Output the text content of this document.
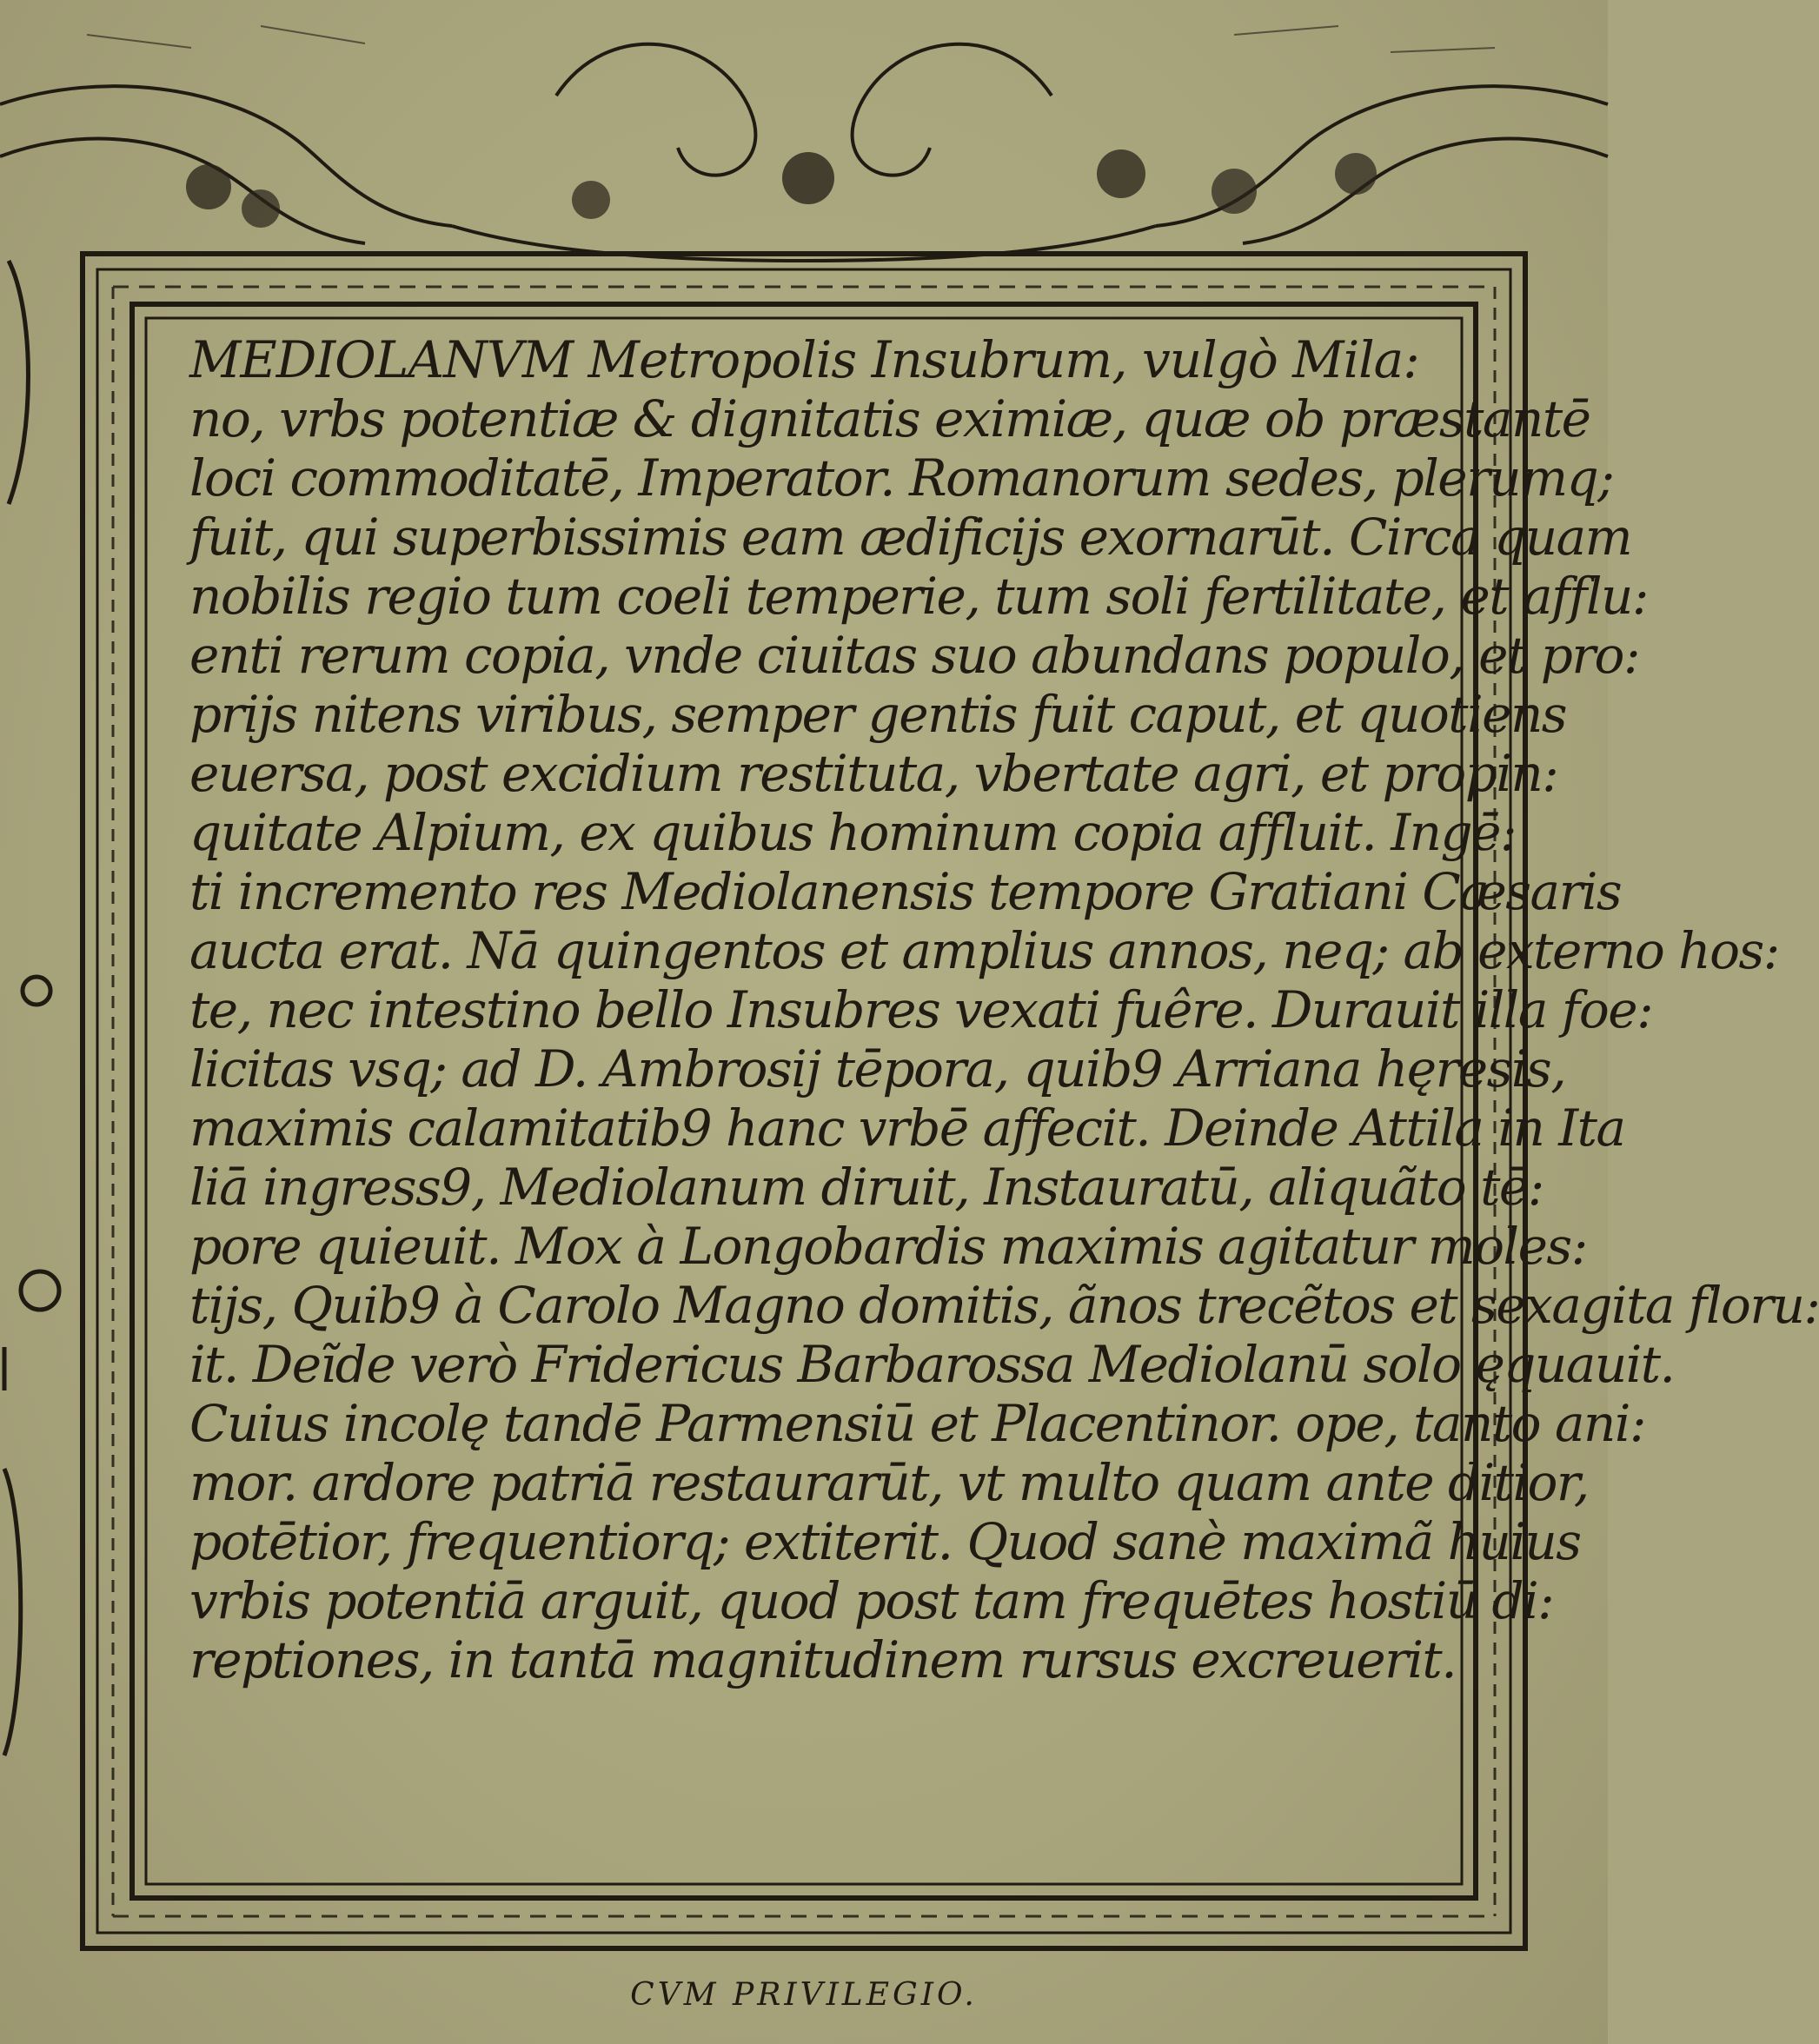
MEDIOLANVM Metropolis Insubrum, vulgò Mila:
no, vrbs potentiæ & dignitatis eximiæ, quæ ob præstantē
loci commoditatē, Imperator. Romanorum sedes, plerumq;
fuit, qui superbissimis eam ædificijs exornarūt. Circa quam
nobilis regio tum coeli temperie, tum soli fertilitate, et afflu:
enti rerum copia, vnde ciuitas suo abundans populo, et pro:
prijs nitens viribus, semper gentis fuit caput, et quotiens
euersa, post excidium restituta, vbertate agri, et propin:
quitate Alpium, ex quibus hominum copia affluit. Ingē:
ti incremento res Mediolanensis tempore Gratiani Cæsaris
aucta erat. Nā quingentos et amplius annos, neq; ab externo hos:
te, nec intestino bello Insubres vexati fuêre. Durauit illa foe:
licitas vsq; ad D. Ambrosij tēpora, quib9 Arriana hęresis,
maximis calamitatib9 hanc vrbē affecit. Deinde Attila in Ita
liā ingress9, Mediolanum diruit, Instauratū, aliquãto tē:
pore quieuit. Mox à Longobardis maximis agitatur moles:
tijs, Quib9 à Carolo Magno domitis, ãnos trecẽtos et sexagita floru:
it. Deĩde verò Fridericus Barbarossa Mediolanū solo ęquauit.
Cuius incolę tandē Parmensiū et Placentinor. ope, tanto ani:
mor. ardore patriā restaurarūt, vt multo quam ante ditior,
potētior, frequentiorq; extiterit. Quod sanè maximã huius
vrbis potentiā arguit, quod post tam frequētes hostiū di:
reptiones, in tantā magnitudinem rursus excreuerit.
CVM PRIVILEGIO.
